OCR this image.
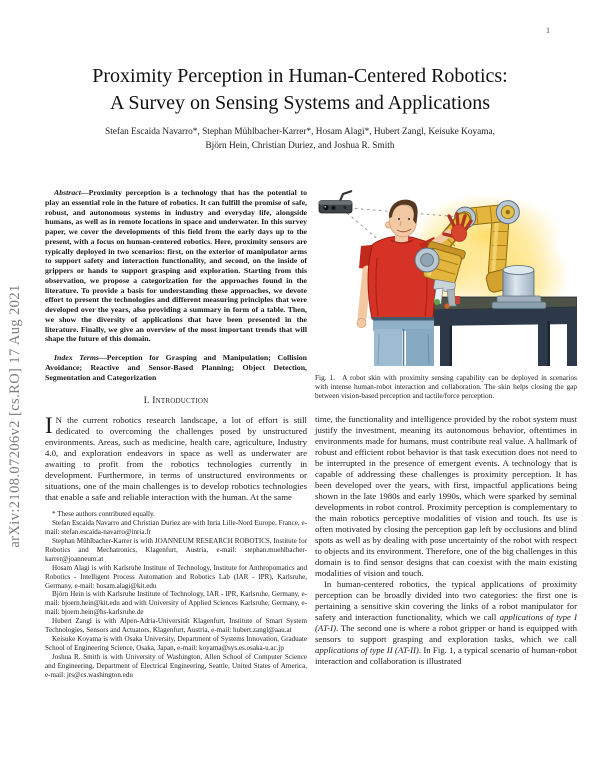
1
arXiv:2108.07206v2 [cs.RO] 17 Aug 2021
Proximity Perception in Human-Centered Robotics:
A Survey on Sensing Systems and Applications
Stefan Escaida Navarro*, Stephan Mühlbacher-Karrer*, Hosam Alagi*, Hubert Zangl, Keisuke Koyama,
Björn Hein, Christian Duriez, and Joshua R. Smith

Abstract—Proximity perception is a technology that has the potential to play an essential role in the future of robotics. It can fulfill the promise of safe, robust, and autonomous systems in industry and everyday life, alongside humans, as well as in remote locations in space and underwater. In this survey paper, we cover the developments of this field from the early days up to the present, with a focus on human-centered robotics. Here, proximity sensors are typically deployed in two scenarios: first, on the exterior of manipulator arms to support safety and interaction functionality, and second, on the inside of grippers or hands to support grasping and exploration. Starting from this observation, we propose a categorization for the approaches found in the literature. To provide a basis for understanding these approaches, we devote effort to present the technologies and different measuring principles that were developed over the years, also providing a summary in form of a table. Then, we show the diversity of applications that have been presented in the literature. Finally, we give an overview of the most important trends that will shape the future of this domain.

Index Terms—Perception for Grasping and Manipulation; Collision Avoidance; Reactive and Sensor-Based Planning; Object Detection, Segmentation and Categorization

I. Introduction

I N the current robotics research landscape, a lot of effort is still dedicated to overcoming the challenges posed by unstructured environments. Areas, such as medicine, health care, agriculture, Industry 4.0, and exploration endeavors in space as well as underwater are awaiting to profit from the robotics technologies currently in development. Furthermore, in terms of unstructured environments or situations, one of the main challenges is to develop robotics technologies that enable a safe and reliable interaction with the human. At the same

* These authors contributed equally.
Stefan Escaida Navarro and Christian Duriez are with Inria Lille-Nord Europe, France, e-mail: stefan.escaida-navarro@inria.fr
Stephan Mühlbacher-Karrer is with JOANNEUM RESEARCH ROBOTICS, Institute for Robotics and Mechatronics, Klagenfurt, Austria, e-mail: stephan.muehlbacher-karrer@joanneum.at
Hosam Alagi is with Karlsruhe Institute of Technology, Institute for Anthropomatics and Robotics - Intelligent Process Automation and Robotics Lab (IAR - IPR), Karlsruhe, Germany, e-mail: hosam.alagi@kit.edu
Björn Hein is with Karlsruhe Institute of Technology, IAR - IPR, Karlsruhe, Germany, e-mail: bjoern.hein@kit.edu and with University of Applied Sciences Karlsruhe, Germany, e-mail: bjoern.hein@hs-karlsruhe.de
Hubert Zangl is with Alpen-Adria-Universität Klagenfurt, Institute of Smart System Technologies, Sensors and Actuators, Klagenfurt, Austria, e-mail: hubert.zangl@aau.at
Keisuke Koyama is with Osaka University, Department of Systems Innovation, Graduate School of Engineering Science, Osaka, Japan, e-mail: koyama@sys.es.osaka-u.ac.jp
Joshua R. Smith is with University of Washington, Allen School of Computer Science and Engineering, Department of Electrical Engineering, Seattle, United States of America, e-mail: jrs@cs.washington.edu

Fig. 1. A robot skin with proximity sensing capability can be deployed in scenarios with intense human-robot interaction and collaboration. The skin helps closing the gap between vision-based perception and tactile/force perception.

time, the functionality and intelligence provided by the robot system must justify the investment, meaning its autonomous behavior, oftentimes in environments made for humans, must contribute real value. A hallmark of robust and efficient robot behavior is that task execution does not need to be interrupted in the presence of emergent events. A technology that is capable of addressing these challenges is proximity perception. It has been developed over the years, with first, impactful applications being shown in the late 1980s and early 1990s, which were sparked by seminal developments in robot control. Proximity perception is complementary to the main robotics perceptive modalities of vision and touch. Its use is often motivated by closing the perception gap left by occlusions and blind spots as well as by dealing with pose uncertainty of the robot with respect to objects and its environment. Therefore, one of the big challenges in this domain is to find sensor designs that can coexist with the main existing modalities of vision and touch.

In human-centered robotics, the typical applications of proximity perception can be broadly divided into two categories: the first one is pertaining a sensitive skin covering the links of a robot manipulator for safety and interaction functionality, which we call applications of type I (AT-I). The second one is where a robot gripper or hand is equipped with sensors to support grasping and exploration tasks, which we call applications of type II (AT-II). In Fig. 1, a typical scenario of human-robot interaction and collaboration is illustrated
